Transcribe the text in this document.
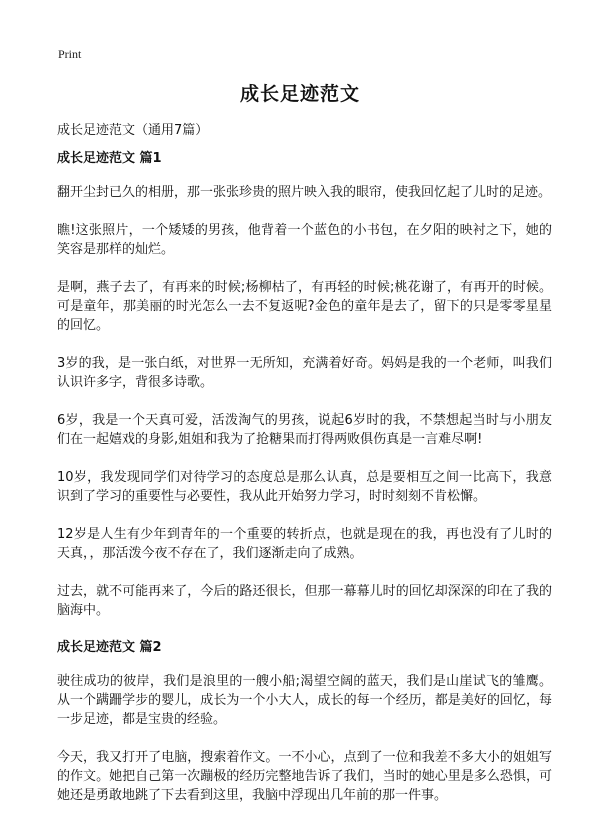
Print
成长足迹范文
成长足迹范文（通用7篇）
成长足迹范文 篇1

翻开尘封已久的相册，那一张张珍贵的照片映入我的眼帘，使我回忆起了儿时的足迹。

瞧!这张照片，一个矮矮的男孩，他背着一个蓝色的小书包，在夕阳的映衬之下，她的笑容是那样的灿烂。

是啊，燕子去了，有再来的时候;杨柳枯了，有再轻的时候;桃花谢了，有再开的时候。可是童年，那美丽的时光怎么一去不复返呢?金色的童年是去了，留下的只是零零星星的回忆。

3岁的我，是一张白纸，对世界一无所知，充满着好奇。妈妈是我的一个老师，叫我们认识许多字，背很多诗歌。

6岁，我是一个天真可爱，活泼淘气的男孩，说起6岁时的我，不禁想起当时与小朋友们在一起嬉戏的身影,姐姐和我为了抢糖果而打得两败俱伤真是一言难尽啊!

10岁，我发现同学们对待学习的态度总是那么认真，总是要相互之间一比高下，我意识到了学习的重要性与必要性，我从此开始努力学习，时时刻刻不肯松懈。

12岁是人生有少年到青年的一个重要的转折点，也就是现在的我，再也没有了儿时的天真，，那活泼今夜不存在了，我们逐渐走向了成熟。

过去，就不可能再来了，今后的路还很长，但那一幕幕儿时的回忆却深深的印在了我的脑海中。

成长足迹范文 篇2

驶往成功的彼岸，我们是浪里的一艘小船;渴望空阔的蓝天，我们是山崖试飞的雏鹰。从一个蹒跚学步的婴儿，成长为一个小大人，成长的每一个经历，都是美好的回忆，每一步足迹，都是宝贵的经验。

今天，我又打开了电脑，搜索着作文。一不小心，点到了一位和我差不多大小的姐姐写的作文。她把自己第一次蹦极的经历完整地告诉了我们，当时的她心里是多么恐惧，可她还是勇敢地跳了下去看到这里，我脑中浮现出几年前的那一件事。
